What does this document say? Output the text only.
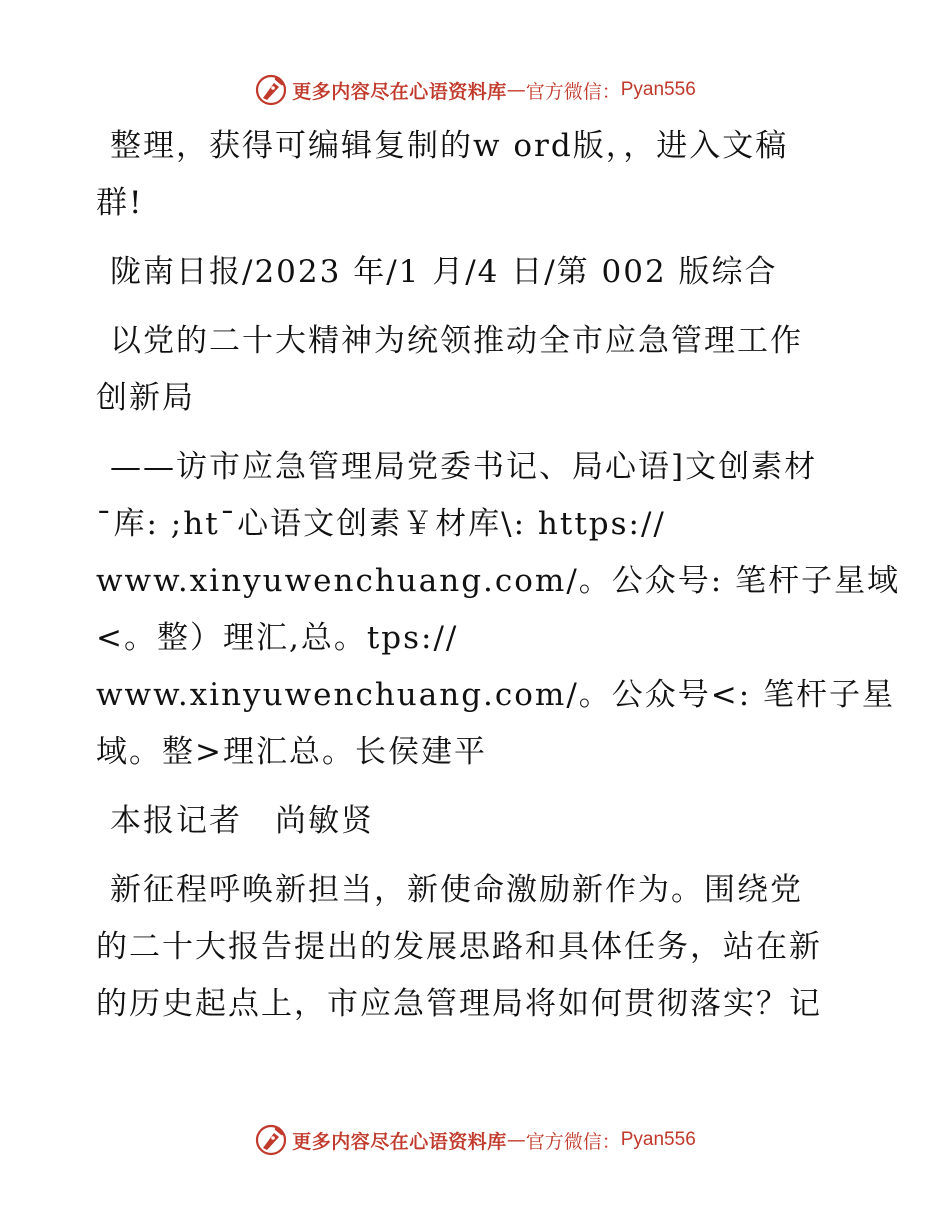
更多内容尽在心语资料库 — 官方微信： Pyan556

整理，获得可编辑复制的w ord版，，进入文稿
群!

陇南日报/2023 年/1 月/4 日/第 002 版综合

以党的二十大精神为统领推动全市应急管理工作
创新局

——访市应急管理局党委书记、局心语]文创素材
¯库: ;ht¯心语文创素￥材库\: https://
www.xinyuwenchuang.com/。公众号: 笔杆子星域
<。整）理汇,总。tps://
www.xinyuwenchuang.com/。公众号<: 笔杆子星
域。整>理汇总。长侯建平

本报记者　尚敏贤

新征程呼唤新担当，新使命激励新作为。围绕党
的二十大报告提出的发展思路和具体任务，站在新
的历史起点上，市应急管理局将如何贯彻落实？记

更多内容尽在心语资料库 — 官方微信： Pyan556
